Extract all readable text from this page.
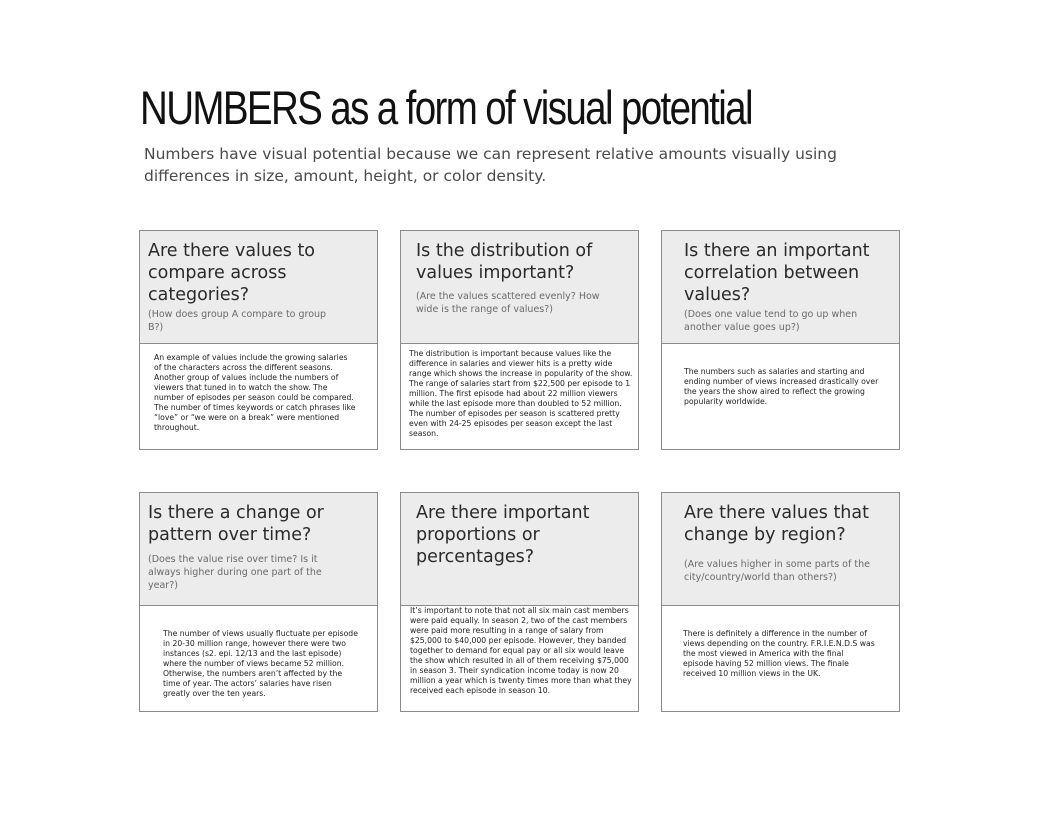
NUMBERS as a form of visual potential

Numbers have visual potential because we can represent relative amounts visually using differences in size, amount, height, or color density.

Are there values to compare across categories?

(How does group A compare to group B?)

An example of values include the growing salaries of the characters across the different seasons. Another group of values include the numbers of viewers that tuned in to watch the show. The number of episodes per season could be compared. The number of times keywords or catch phrases like “love” or “we were on a break” were mentioned throughout.

Is the distribution of values important?

(Are the values scattered evenly? How wide is the range of values?)

The distribution is important because values like the difference in salaries and viewer hits is a pretty wide range which shows the increase in popularity of the show. The range of salaries start from $22,500 per episode to 1 million. The first episode had about 22 million viewers while the last episode more than doubled to 52 million. The number of episodes per season is scattered pretty even with 24-25 episodes per season except the last season.

Is there an important correlation between values?

(Does one value tend to go up when another value goes up?)

The numbers such as salaries and starting and ending number of views increased drastically over the years the show aired to reflect the growing popularity worldwide.

Is there a change or pattern over time?

(Does the value rise over time? Is it always higher during one part of the year?)

The number of views usually fluctuate per episode in 20-30 million range, however there were two instances (s2. epi. 12/13 and the last episode) where the number of views became 52 million. Otherwise, the numbers aren’t affected by the time of year. The actors’ salaries have risen greatly over the ten years.

Are there important proportions or percentages?

It’s important to note that not all six main cast members were paid equally. In season 2, two of the cast members were paid more resulting in a range of salary from $25,000 to $40,000 per episode. However, they banded together to demand for equal pay or all six would leave the show which resulted in all of them receiving $75,000 in season 3. Their syndication income today is now 20 million a year which is twenty times more than what they received each episode in season 10.

Are there values that change by region?

(Are values higher in some parts of the city/country/world than others?)

There is definitely a difference in the number of views depending on the country. F.R.I.E.N.D.S was the most viewed in America with the final episode having 52 million views. The finale received 10 million views in the UK.
